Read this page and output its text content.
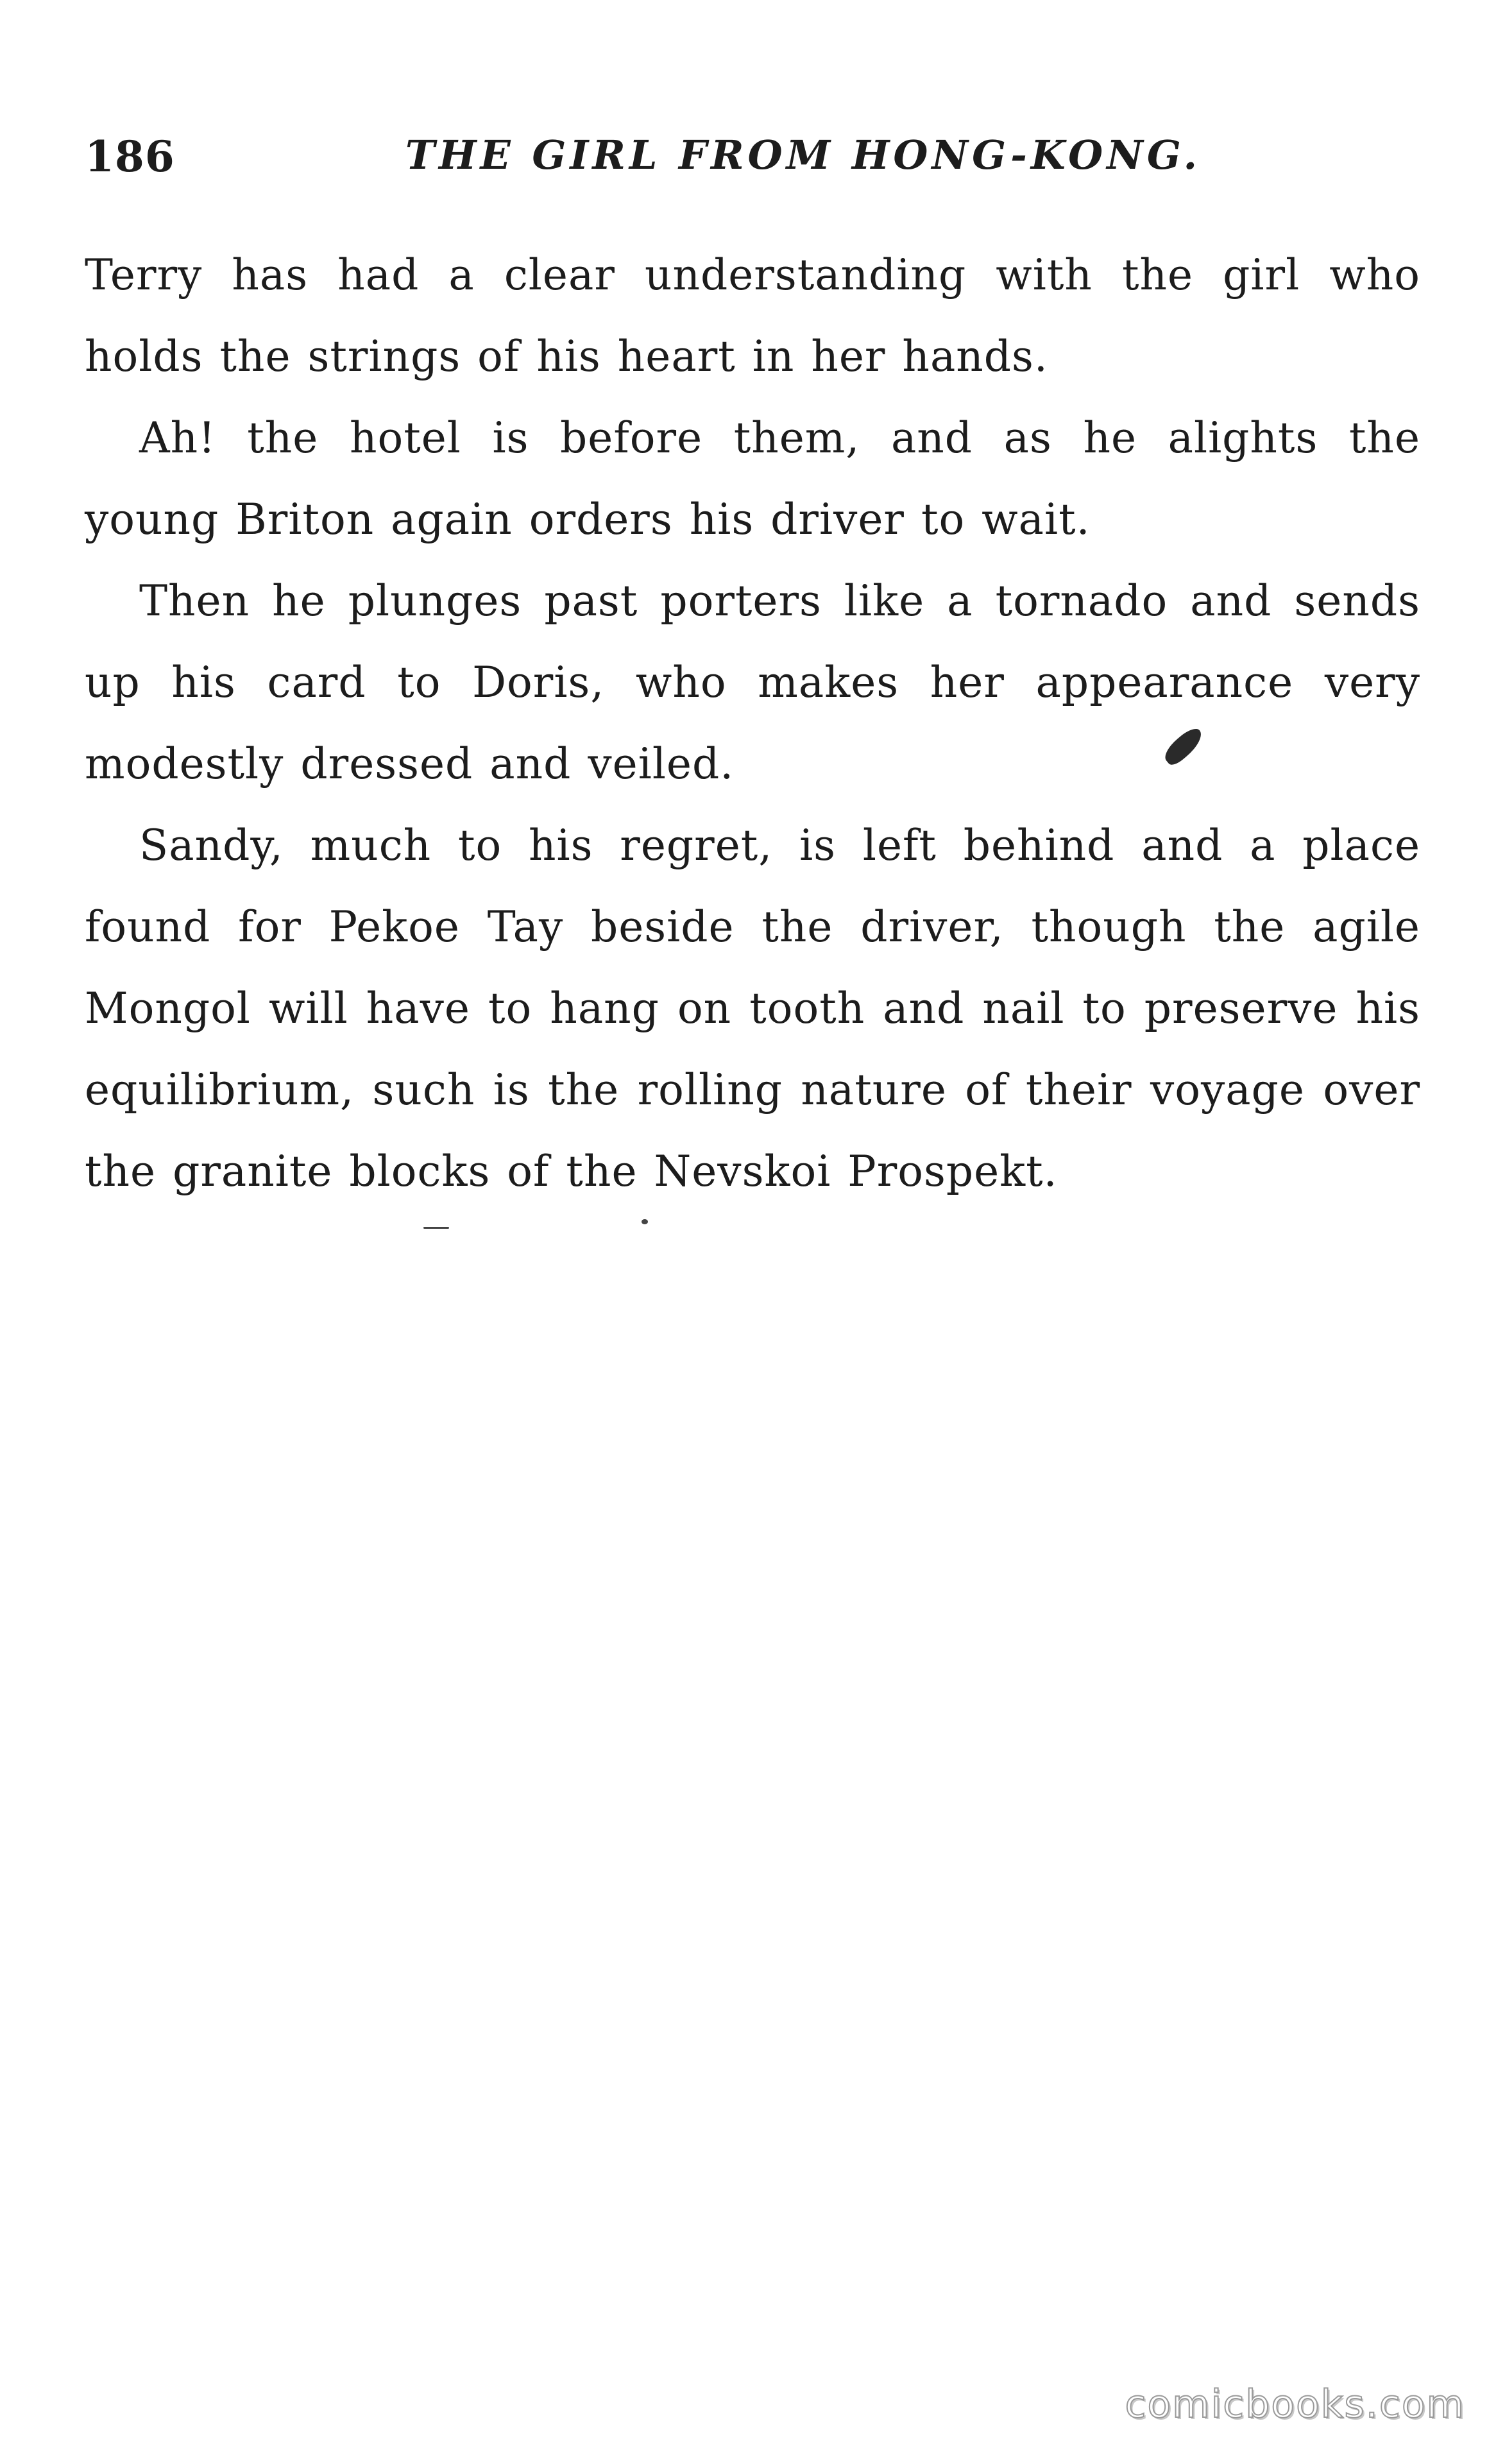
186	THE GIRL FROM HONG-KONG.

Terry has had a clear understanding with the girl who holds the strings of his heart in her hands.

Ah! the hotel is before them, and as he alights the young Briton again orders his driver to wait.

Then he plunges past porters like a tornado and sends up his card to Doris, who makes her appearance very modestly dressed and veiled.

Sandy, much to his regret, is left behind and a place found for Pekoe Tay beside the driver, though the agile Mongol will have to hang on tooth and nail to preserve his equilibrium, such is the rolling nature of their voyage over the granite blocks of the Nevskoi Prospekt.

comicbooks.com
